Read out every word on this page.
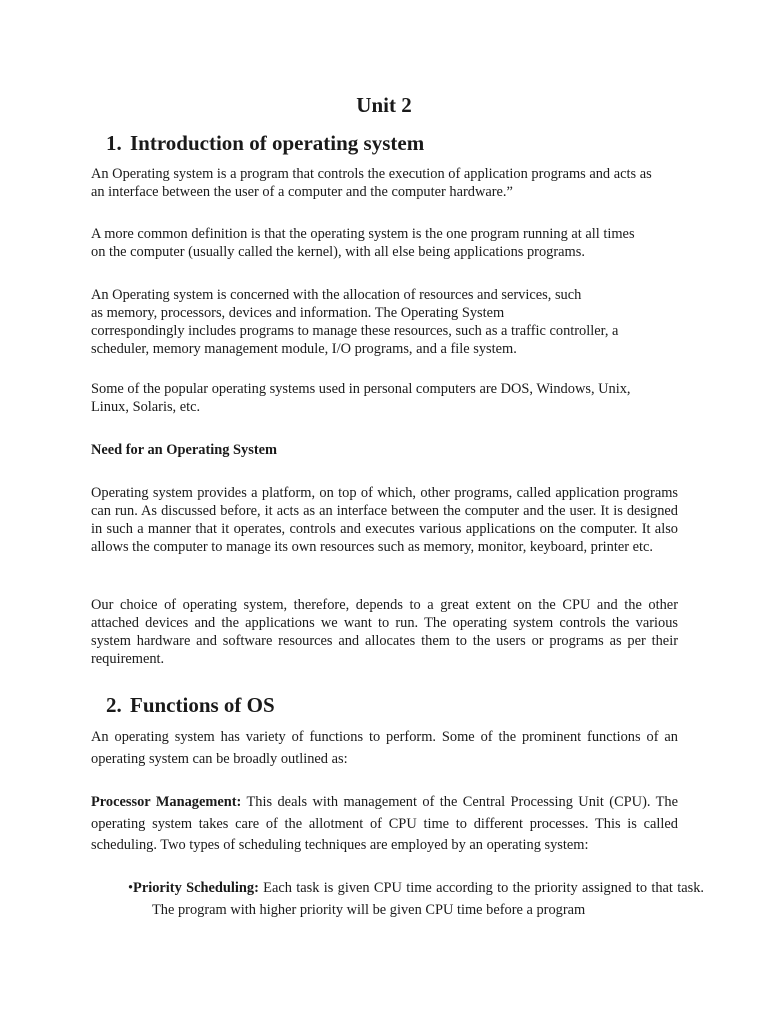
Unit 2
1. Introduction of operating system
An Operating system is a program that controls the execution of application programs and acts as
an interface between the user of a computer and the computer hardware.”
A more common definition is that the operating system is the one program running at all times
on the computer (usually called the kernel), with all else being applications programs.
An Operating system is concerned with the allocation of resources and services, such
as memory, processors, devices and information. The Operating System
correspondingly includes programs to manage these resources, such as a traffic controller, a
scheduler, memory management module, I/O programs, and a file system.
Some of the popular operating systems used in personal computers are DOS, Windows, Unix,
Linux, Solaris, etc.
Need for an Operating System
Operating system provides a platform, on top of which, other programs, called application programs can run. As discussed before, it acts as an interface between the computer and the user. It is designed in such a manner that it operates, controls and executes various applications on the computer. It also allows the computer to manage its own resources such as memory, monitor, keyboard, printer etc.
Our choice of operating system, therefore, depends to a great extent on the CPU and the other attached devices and the applications we want to run. The operating system controls the various system hardware and software resources and allocates them to the users or programs as per their requirement.
2. Functions of OS
An operating system has variety of functions to perform. Some of the prominent functions of an operating system can be broadly outlined as:
Processor Management: This deals with management of the Central Processing Unit (CPU). The operating system takes care of the allotment of CPU time to different processes. This is called scheduling. Two types of scheduling techniques are employed by an operating system:
•Priority Scheduling: Each task is given CPU time according to the priority assigned to that task. The program with higher priority will be given CPU time before a program
